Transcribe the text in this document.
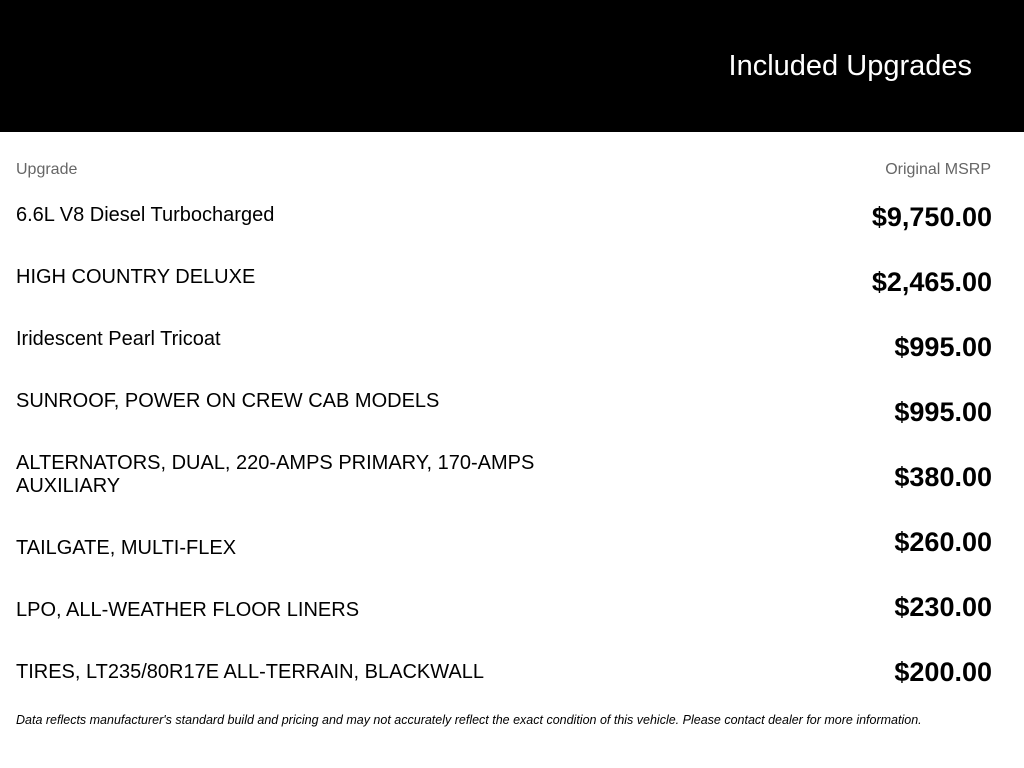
Included Upgrades
Upgrade	Original MSRP
6.6L V8 Diesel Turbocharged	$9,750.00
HIGH COUNTRY DELUXE	$2,465.00
Iridescent Pearl Tricoat	$995.00
SUNROOF, POWER ON CREW CAB MODELS	$995.00
ALTERNATORS, DUAL, 220-AMPS PRIMARY, 170-AMPS AUXILIARY	$380.00
TAILGATE, MULTI-FLEX	$260.00
LPO, ALL-WEATHER FLOOR LINERS	$230.00
TIRES, LT235/80R17E ALL-TERRAIN, BLACKWALL	$200.00
Data reflects manufacturer's standard build and pricing and may not accurately reflect the exact condition of this vehicle. Please contact dealer for more information.
